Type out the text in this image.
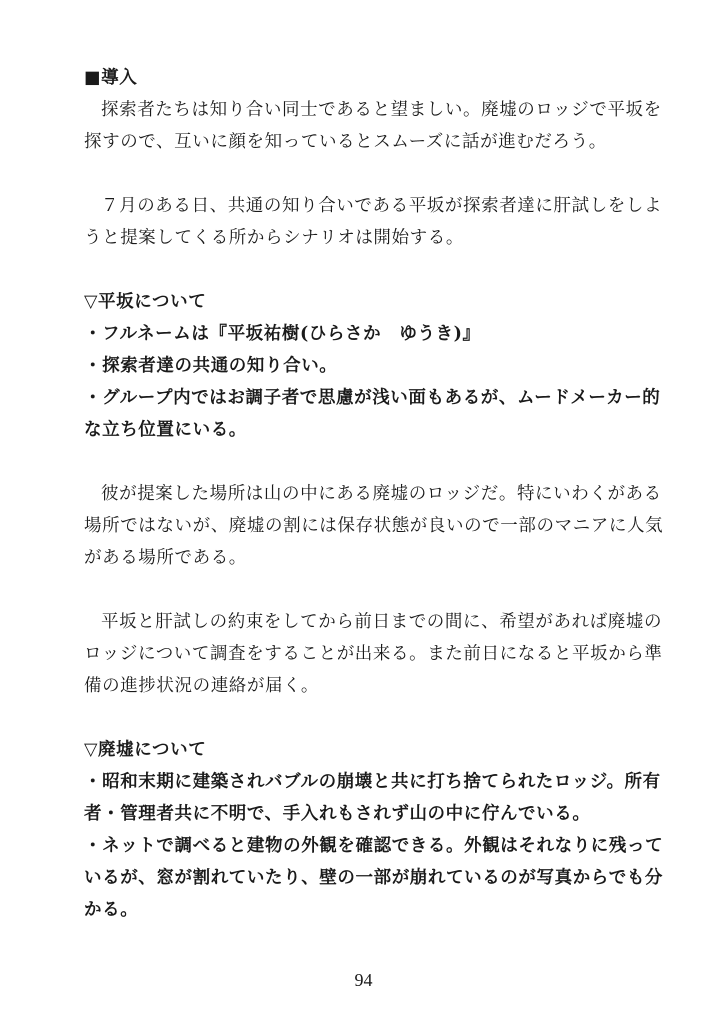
■導入
探索者たちは知り合い同士であると望ましい。廃墟のロッジで平坂を
探すので、互いに顔を知っているとスムーズに話が進むだろう。
７月のある日、共通の知り合いである平坂が探索者達に肝試しをしよ
うと提案してくる所からシナリオは開始する。
▽平坂について
・フルネームは『平坂祐樹(ひらさか　ゆうき)』
・探索者達の共通の知り合い。
・グループ内ではお調子者で思慮が浅い面もあるが、ムードメーカー的
な立ち位置にいる。
彼が提案した場所は山の中にある廃墟のロッジだ。特にいわくがある
場所ではないが、廃墟の割には保存状態が良いので一部のマニアに人気
がある場所である。
平坂と肝試しの約束をしてから前日までの間に、希望があれば廃墟の
ロッジについて調査をすることが出来る。また前日になると平坂から準
備の進捗状況の連絡が届く。
▽廃墟について
・昭和末期に建築されバブルの崩壊と共に打ち捨てられたロッジ。所有
者・管理者共に不明で、手入れもされず山の中に佇んでいる。
・ネットで調べると建物の外観を確認できる。外観はそれなりに残って
いるが、窓が割れていたり、壁の一部が崩れているのが写真からでも分
かる。
94
